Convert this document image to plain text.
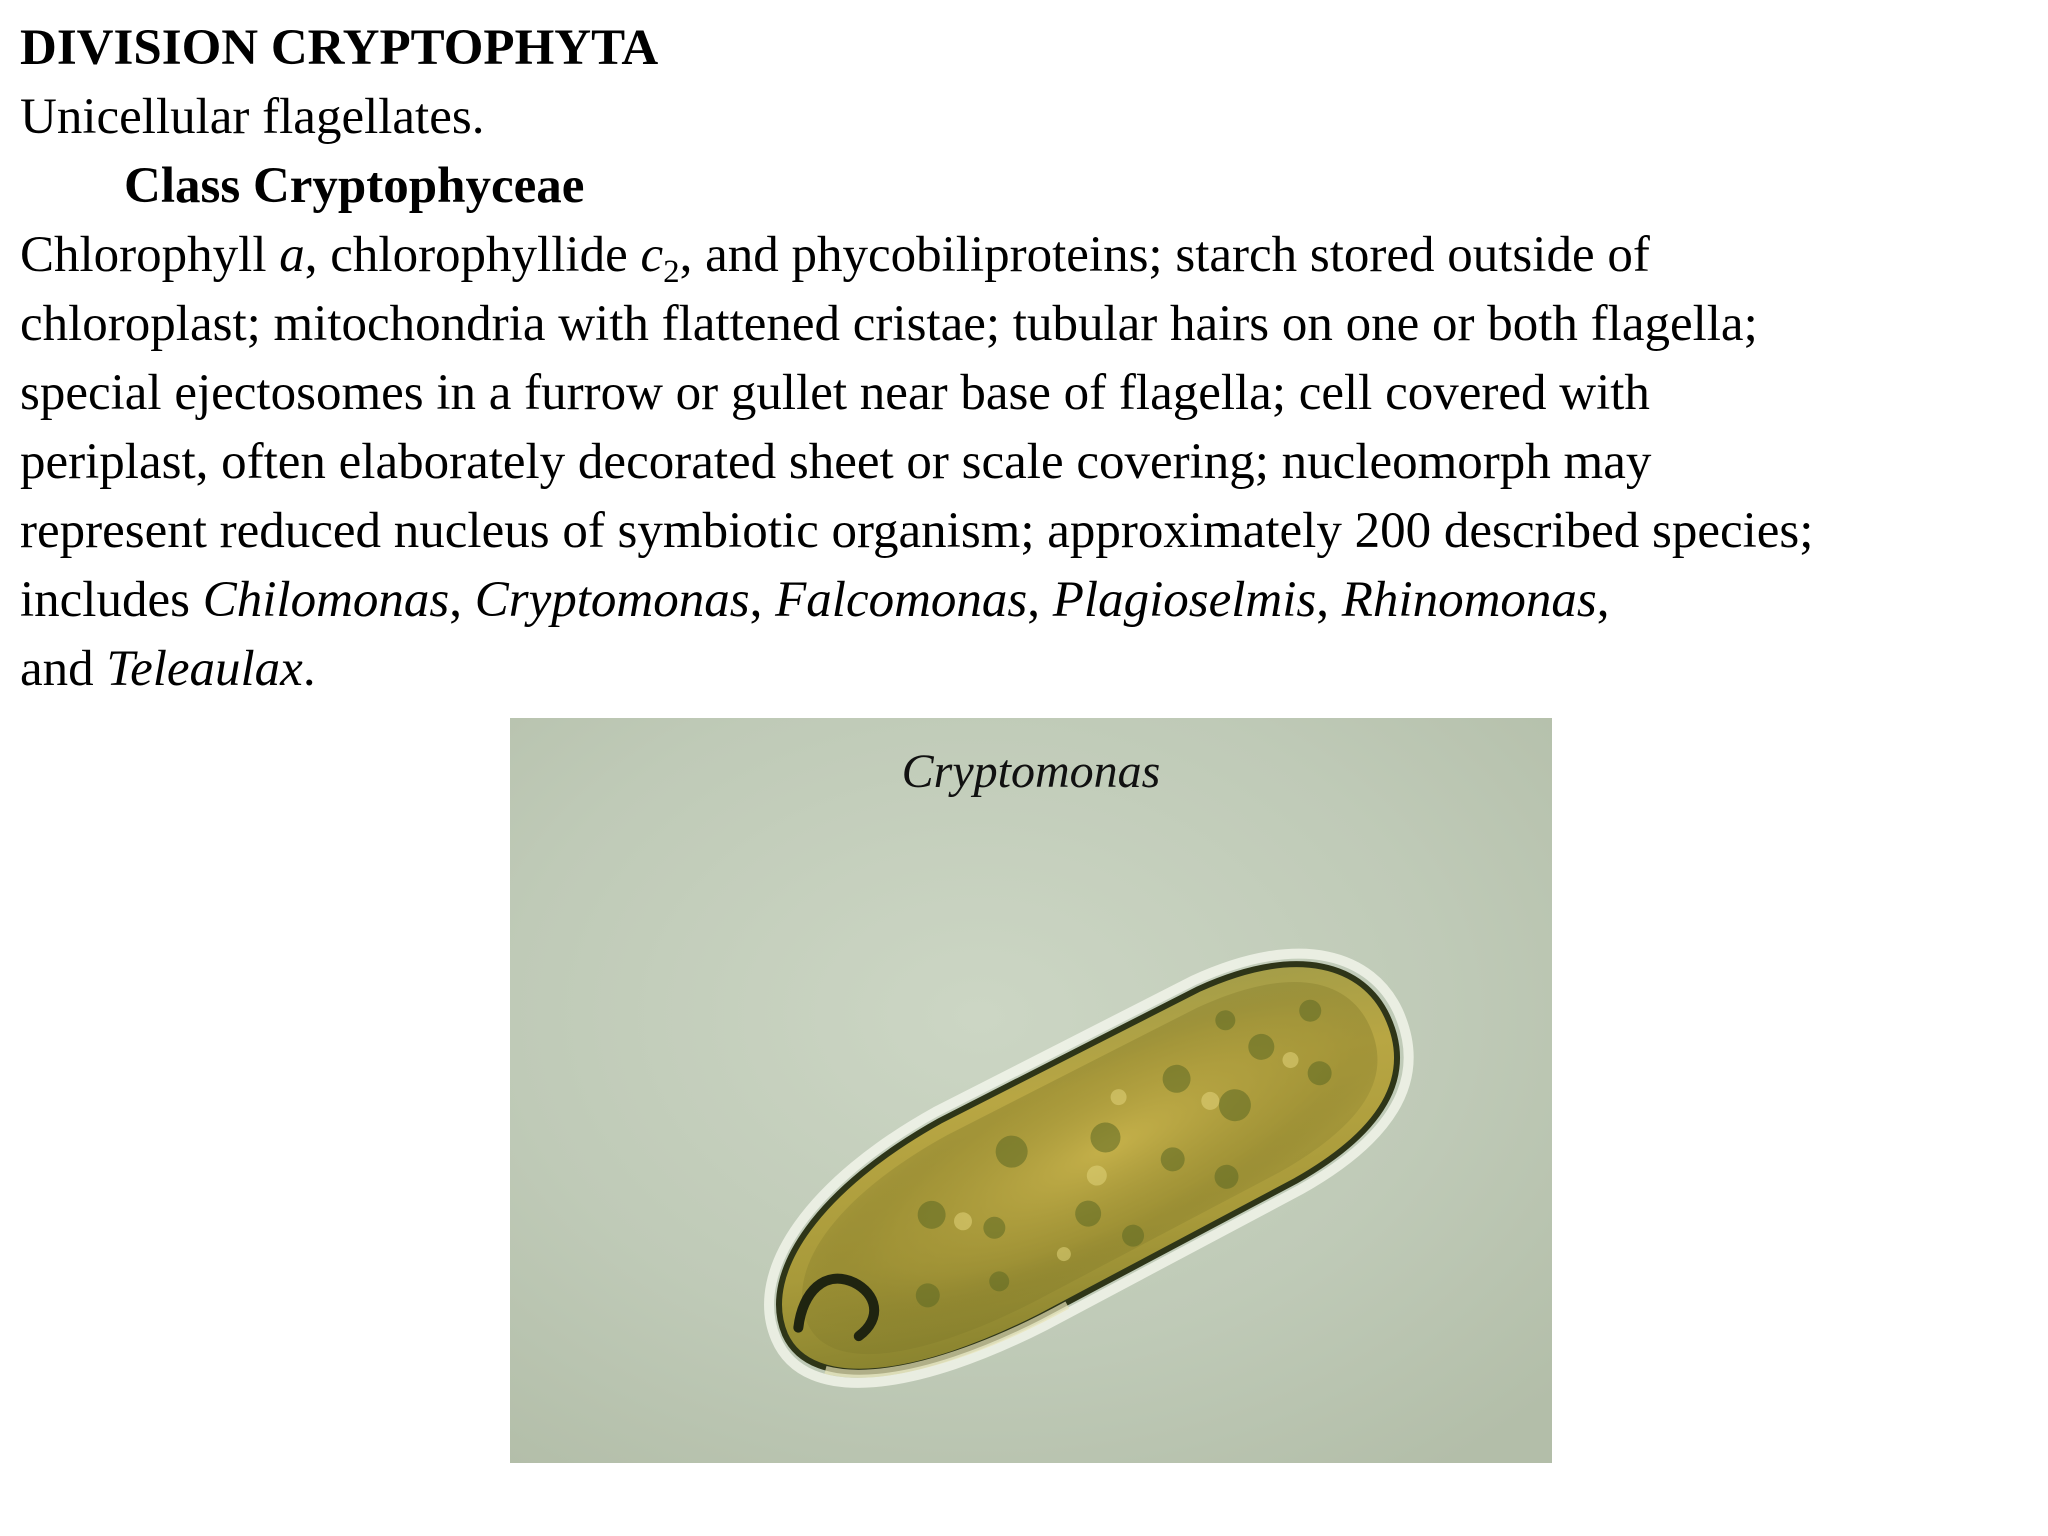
DIVISION CRYPTOPHYTA
Unicellular flagellates.
Class Cryptophyceae
Chlorophyll a, chlorophyllide $c_2$, and phycobiliproteins; starch stored outside of
chloroplast; mitochondria with flattened cristae; tubular hairs on one or both flagella;
special ejectosomes in a furrow or gullet near base of flagella; cell covered with
periplast, often elaborately decorated sheet or scale covering; nucleomorph may
represent reduced nucleus of symbiotic organism; approximately 200 described species;
includes Chilomonas, Cryptomonas, Falcomonas, Plagioselmis, Rhinomonas,
and Teleaulax.
Cryptomonas
